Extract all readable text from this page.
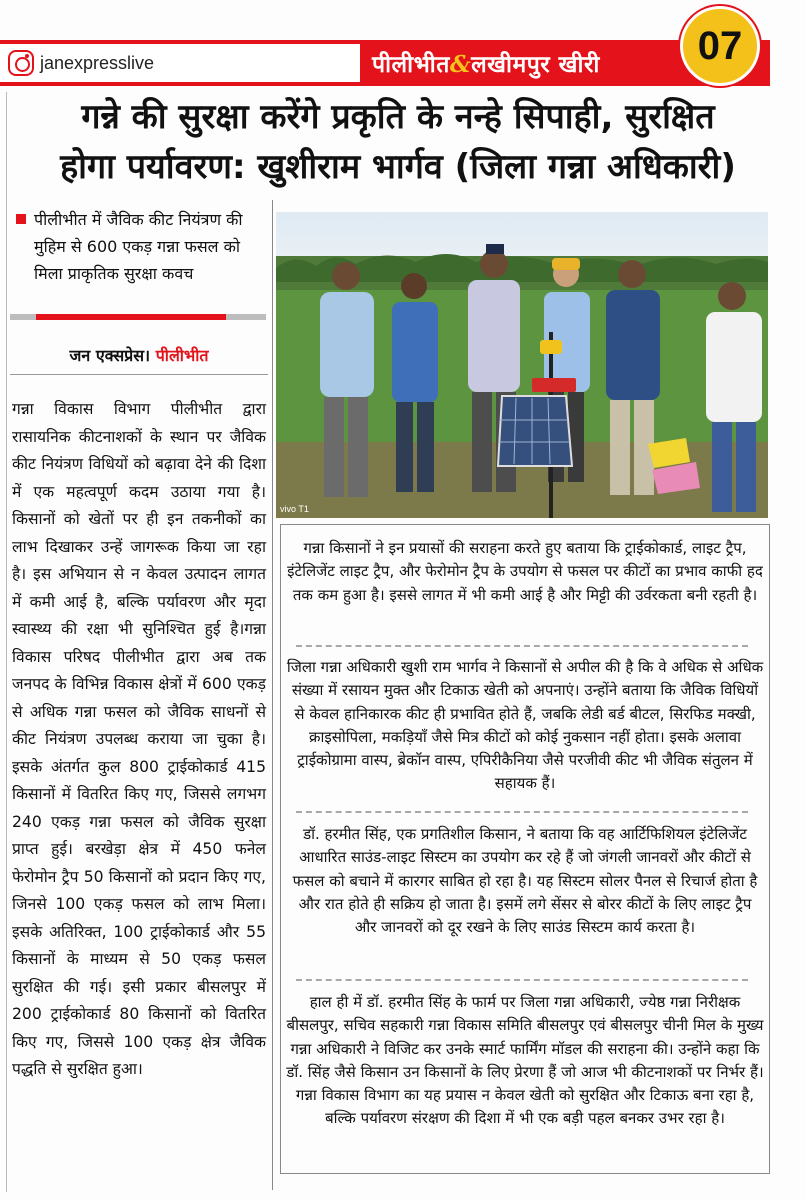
janexpresslive	पीलीभीत&लखीमपुर खीरी	07
गन्ने की सुरक्षा करेंगे प्रकृति के नन्हे सिपाही, सुरक्षित
होगा पर्यावरण: खुशीराम भार्गव (जिला गन्ना अधिकारी)
पीलीभीत में जैविक कीट नियंत्रण की मुहिम से 600 एकड़ गन्ना फसल को मिला प्राकृतिक सुरक्षा कवच
जन एक्सप्रेस। पीलीभीत
गन्ना विकास विभाग पीलीभीत द्वारा रासायनिक कीटनाशकों के स्थान पर जैविक कीट नियंत्रण विधियों को बढ़ावा देने की दिशा में एक महत्वपूर्ण कदम उठाया गया है। किसानों को खेतों पर ही इन तकनीकों का लाभ दिखाकर उन्हें जागरूक किया जा रहा है। इस अभियान से न केवल उत्पादन लागत में कमी आई है, बल्कि पर्यावरण और मृदा स्वास्थ्य की रक्षा भी सुनिश्चित हुई है।गन्ना विकास परिषद पीलीभीत द्वारा अब तक जनपद के विभिन्न विकास क्षेत्रों में 600 एकड़ से अधिक गन्ना फसल को जैविक साधनों से कीट नियंत्रण उपलब्ध कराया जा चुका है। इसके अंतर्गत कुल 800 ट्राईकोकार्ड 415 किसानों में वितरित किए गए, जिससे लगभग 240 एकड़ गन्ना फसल को जैविक सुरक्षा प्राप्त हुई। बरखेड़ा क्षेत्र में 450 फनेल फेरोमोन ट्रैप 50 किसानों को प्रदान किए गए, जिनसे 100 एकड़ फसल को लाभ मिला। इसके अतिरिक्त, 100 ट्राईकोकार्ड और 55 किसानों के माध्यम से 50 एकड़ फसल सुरक्षित की गई। इसी प्रकार बीसलपुर में 200 ट्राईकोकार्ड 80 किसानों को वितरित किए गए, जिससे 100 एकड़ क्षेत्र जैविक पद्धति से सुरक्षित हुआ।
vivo T1
गन्ना किसानों ने इन प्रयासों की सराहना करते हुए बताया कि ट्राईकोकार्ड, लाइट ट्रैप, इंटेलिजेंट लाइट ट्रैप, और फेरोमोन ट्रैप के उपयोग से फसल पर कीटों का प्रभाव काफी हद तक कम हुआ है। इससे लागत में भी कमी आई है और मिट्टी की उर्वरकता बनी रहती है।
जिला गन्ना अधिकारी खुशी राम भार्गव ने किसानों से अपील की है कि वे अधिक से अधिक संख्या में रसायन मुक्त और टिकाऊ खेती को अपनाएं। उन्होंने बताया कि जैविक विधियों से केवल हानिकारक कीट ही प्रभावित होते हैं, जबकि लेडी बर्ड बीटल, सिरफिड मक्खी, क्राइसोपिला, मकड़ियाँ जैसे मित्र कीटों को कोई नुकसान नहीं होता। इसके अलावा ट्राईकोग्रामा वास्प, ब्रेकॉन वास्प, एपिरीकैनिया जैसे परजीवी कीट भी जैविक संतुलन में सहायक हैं।
डॉ. हरमीत सिंह, एक प्रगतिशील किसान, ने बताया कि वह आर्टिफिशियल इंटेलिजेंट आधारित साउंड-लाइट सिस्टम का उपयोग कर रहे हैं जो जंगली जानवरों और कीटों से फसल को बचाने में कारगर साबित हो रहा है। यह सिस्टम सोलर पैनल से रिचार्ज होता है और रात होते ही सक्रिय हो जाता है। इसमें लगे सेंसर से बोरर कीटों के लिए लाइट ट्रैप और जानवरों को दूर रखने के लिए साउंड सिस्टम कार्य करता है।
हाल ही में डॉ. हरमीत सिंह के फार्म पर जिला गन्ना अधिकारी, ज्येष्ठ गन्ना निरीक्षक बीसलपुर, सचिव सहकारी गन्ना विकास समिति बीसलपुर एवं बीसलपुर चीनी मिल के मुख्य गन्ना अधिकारी ने विजिट कर उनके स्मार्ट फार्मिंग मॉडल की सराहना की। उन्होंने कहा कि डॉ. सिंह जैसे किसान उन किसानों के लिए प्रेरणा हैं जो आज भी कीटनाशकों पर निर्भर हैं।गन्ना विकास विभाग का यह प्रयास न केवल खेती को सुरक्षित और टिकाऊ बना रहा है, बल्कि पर्यावरण संरक्षण की दिशा में भी एक बड़ी पहल बनकर उभर रहा है।
